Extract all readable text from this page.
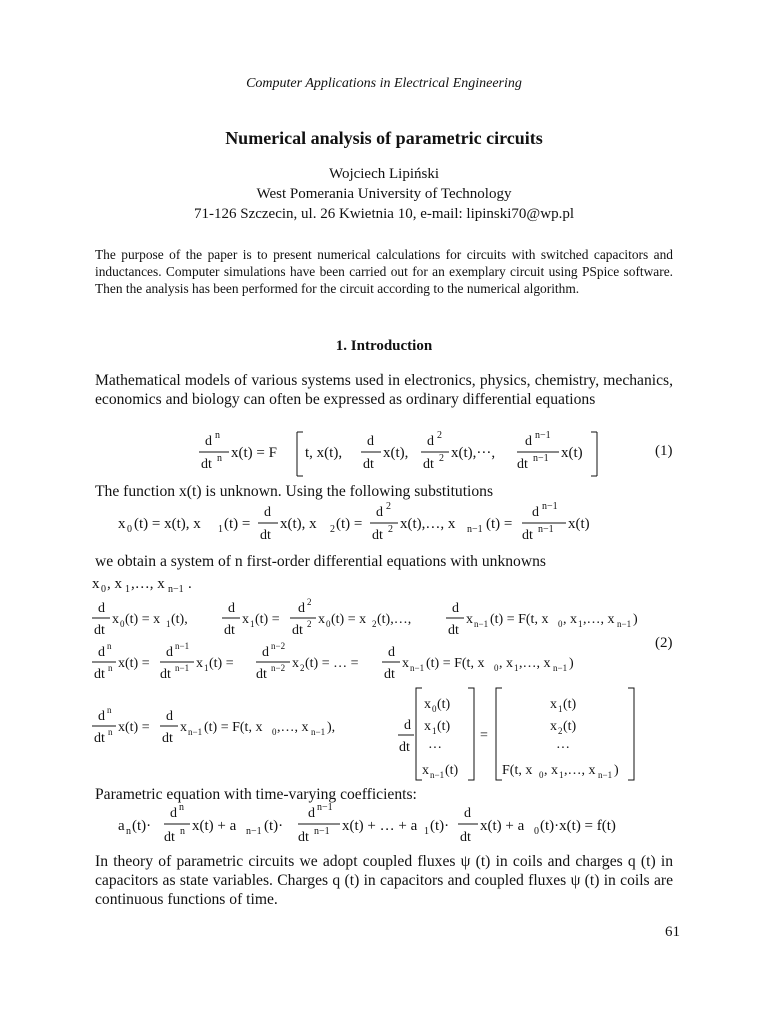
Computer Applications in Electrical Engineering
Numerical analysis of parametric circuits
Wojciech Lipiński
West Pomerania University of Technology
71-126 Szczecin, ul. 26 Kwietnia 10, e-mail: lipinski70@wp.pl
The purpose of the paper is to present numerical calculations for circuits with switched capacitors and inductances. Computer simulations have been carried out for an exemplary circuit using PSpice software. Then the analysis has been performed for the circuit according to the numerical algorithm.
1. Introduction
Mathematical models of various systems used in electronics, physics, chemistry, mechanics, economics and biology can often be expressed as ordinary differential equations
d n
dt n x(t) = F t, x(t),
d
dt
x(t),
d 2
dt 2 x(t),···,
d n−1
dt n−1 x(t)	(1)
The function x(t) is unknown. Using the following substitutions
x 0 (t) = x(t), x 1 (t) =
d
dt
x(t), x 2 (t) =
d 2
dt 2 x(t),…, x n−1 (t) =
d n−1
dt n−1 x(t)
we obtain a system of n first-order differential equations with unknowns
x 0 , x 1 ,…, x n−1 .
d
dt
x 0 (t) = x 1 (t),
d
dt
x 1 (t) =
d 2
dt 2 x 0 (t) = x 2 (t),…,
d
dt
x n−1 (t) = F(t, x 0 , x 1 ,…, x n−1 )
d n
dt n x(t) =
d n−1
dt n−1 x 1 (t) =
d n−2
dt n−2 x 2 (t) = … =
d
dt
x n−1 (t) = F(t, x 0 , x 1 ,…, x n−1 )
d n
dt n x(t) =
d
dt
x n−1 (t) = F(t, x 0 ,…, x n−1 ),	d
dt
x 0 (t)
x 1 (t)
···
x n−1 (t)
=
x 1 (t)
x 2 (t)
···
F(t, x 0 , x 1 ,…, x n−1 )
(2)
Parametric equation with time-varying coefficients:
a n (t)·
d n
dt n x(t) + a n−1 (t)·
d n−1
dt n−1 x(t) + … + a 1 (t)·
d
dt
x(t) + a 0 (t)·x(t) = f(t)
In theory of parametric circuits we adopt coupled fluxes ψ (t) in coils and charges q (t) in capacitors as state variables. Charges q (t) in capacitors and coupled fluxes ψ (t) in coils are continuous functions of time.
61
